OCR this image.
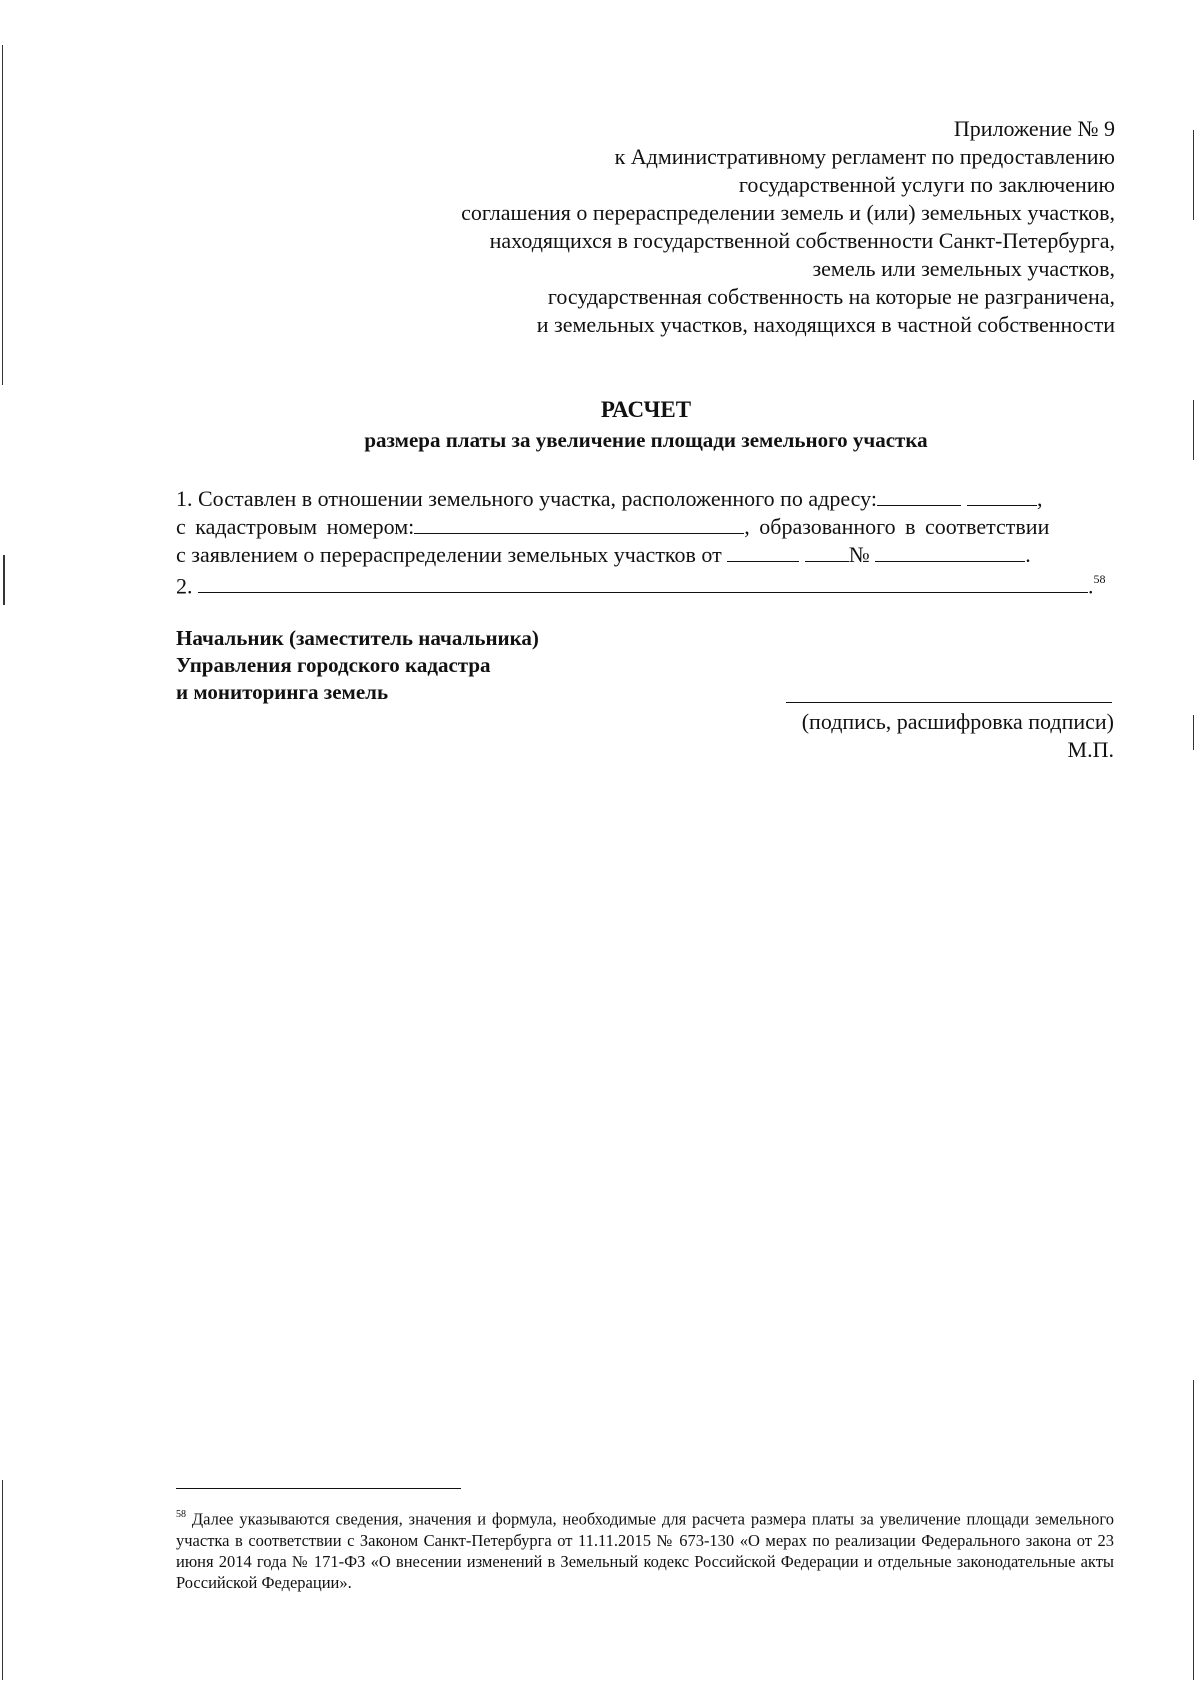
Приложение № 9
к Административному регламент по предоставлению
государственной услуги по заключению
соглашения о перераспределении земель и (или) земельных участков,
находящихся в государственной собственности Санкт-Петербурга,
земель или земельных участков,
государственная собственность на которые не разграничена,
и земельных участков, находящихся в частной собственности
РАСЧЕТ
размера платы за увеличение площади земельного участка
1. Составлен в отношении земельного участка, расположенного по адресу:	,
с кадастровым номером:	, образованного в соответствии
с заявлением о перераспределении земельных участков от	№	.
2.	.$^{58}$
Начальник (заместитель начальника)
Управления городского кадастра
и мониторинга земель
(подпись, расшифровка подписи)
М.П.
$^{58}$ Далее указываются сведения, значения и формула, необходимые для расчета размера платы за увеличение площади земельного участка в соответствии с Законом Санкт-Петербурга от 11.11.2015 № 673-130 «О мерах по реализации Федерального закона от 23 июня 2014 года № 171-ФЗ «О внесении изменений в Земельный кодекс Российской Федерации и отдельные законодательные акты Российской Федерации».
